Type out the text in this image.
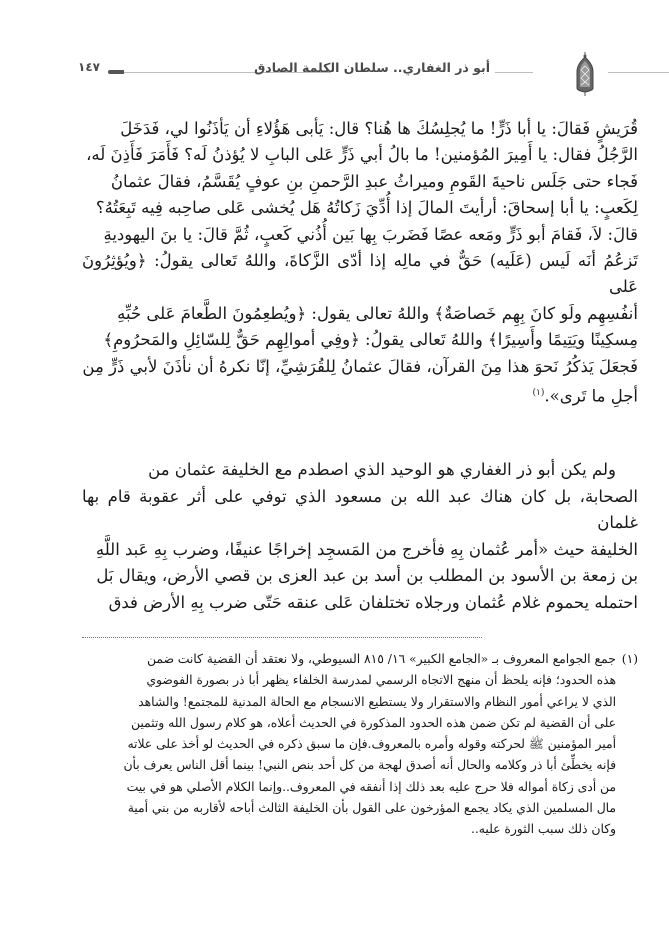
أبو ذر الغفاري.. سلطان الكلمة الصادق
١٤٧

قُرَيشٍ فَقالَ: يا أبا ذَرٍّ! ما يُجلِسُكَ ها هُنا؟ قال: يَأبى هَؤُلاءِ أن يَأذَنُوا لي، فَدَخَلَ

الرَّجُلُ فقال: يا أَمِيرَ المُؤمنين! ما بالُ أبي ذَرٍّ عَلى البابِ لا يُؤذنُ لَه؟ فَأَمَرَ فَأَذِنَ لَه،

فَجاء حتى جَلَس ناحيةَ القَومِ وميراثُ عبدِ الرَّحمنِ بنِ عوفٍ يُقَسَّمُ، فقالَ عثمانُ

لِكَعبٍ: يا أبا إسحاقَ: أرأيتَ المالَ إذا أُدِّيَ زَكاتُهُ هَل يُخشى عَلى صاحِبه فِيه تَبِعَتُهُ؟

قالَ: لاَ، فَقامَ أبو ذَرٍّ ومَعه عصًا فَضَربَ بِها بَين أُذُني كَعبٍ، ثُمَّ قالَ: يا بنَ اليهوديةِ

تَزعُمُ أنَه لَيس (عَلَيه) حَقٌّ في مالِه إذا أدّى الزَّكاةَ، واللهُ تَعالى يقولُ: ﴿ويُؤثِرُونَ عَلى

أنفُسِهِم ولَو كانَ بِهِم خَصاصَةٌ﴾ واللهُ تعالى يقول: ﴿ويُطعِمُونَ الطَّعامَ عَلى حُبِّهِ

مِسكِينًا ويَتِيمًا وأَسِيرًا﴾ واللهُ تَعالى يقولُ: ﴿وفِي أموالِهِم حَقٌّ لِلسّائِلِ والمَحرُومِ﴾

فَجعَلَ يَذكُرُ نَحوَ هذا مِنَ القرآن، فقالَ عثمانُ لِلقُرَشِيِّ، إنّا نكرهُ أن نأذَنَ لأبي ذَرٍّ مِن

أجلِ ما تَرى».$^{(١)}$

ولم يكن أبو ذر الغفاري هو الوحيد الذي اصطدم مع الخليفة عثمان من

الصحابة، بل كان هناك عبد الله بن مسعود الذي توفي على أثر عقوبة قام بها غلمان

الخليفة حيث «أمر عُثمان بِهِ فأخرج من المَسجِد إخراجًا عنيفًا، وضرب بِهِ عَبد اللَّهِ

بن زمعة بن الأسود بن المطلب بن أسد بن عبد العزى بن قصي الأرض، ويقال بَل

احتمله يحموم غلام عُثمان ورجلاه تختلفان عَلى عنقه حَتّى ضرب بِهِ الأرض فدق

(١)جمع الجوامع المعروف بـ «الجامع الكبير» ١٦/ ٨١٥ السيوطي، ولا نعتقد أن القضية كانت ضمن

هذه الحدود؛ فإنه يلحظ أن منهج الاتجاه الرسمي لمدرسة الخلفاء يظهر أبا ذر بصورة الفوضوي

الذي لا يراعي أمور النظام والاستقرار ولا يستطيع الانسجام مع الحالة المدنية للمجتمع! والشاهد

على أن القضية لم تكن ضمن هذه الحدود المذكورة في الحديث أعلاه، هو كلام رسول الله وتثمين

أمير المؤمنين ﷺ لحركته وقوله وأمره بالمعروف.فإن ما سبق ذكره في الحديث لو أخذ على علاته

فإنه يخطِّئ أبا ذر وكلامه والحال أنه أصدق لهجة من كل أحد بنص النبي! بينما أقل الناس يعرف بأن

من أدى زكاة أمواله فلا حرج عليه بعد ذلك إذا أنفقه في المعروف..وإنما الكلام الأصلي هو في بيت

مال المسلمين الذي يكاد يجمع المؤرخون على القول بأن الخليفة الثالث أباحه لأقاربه من بني أمية

وكان ذلك سبب الثورة عليه..
